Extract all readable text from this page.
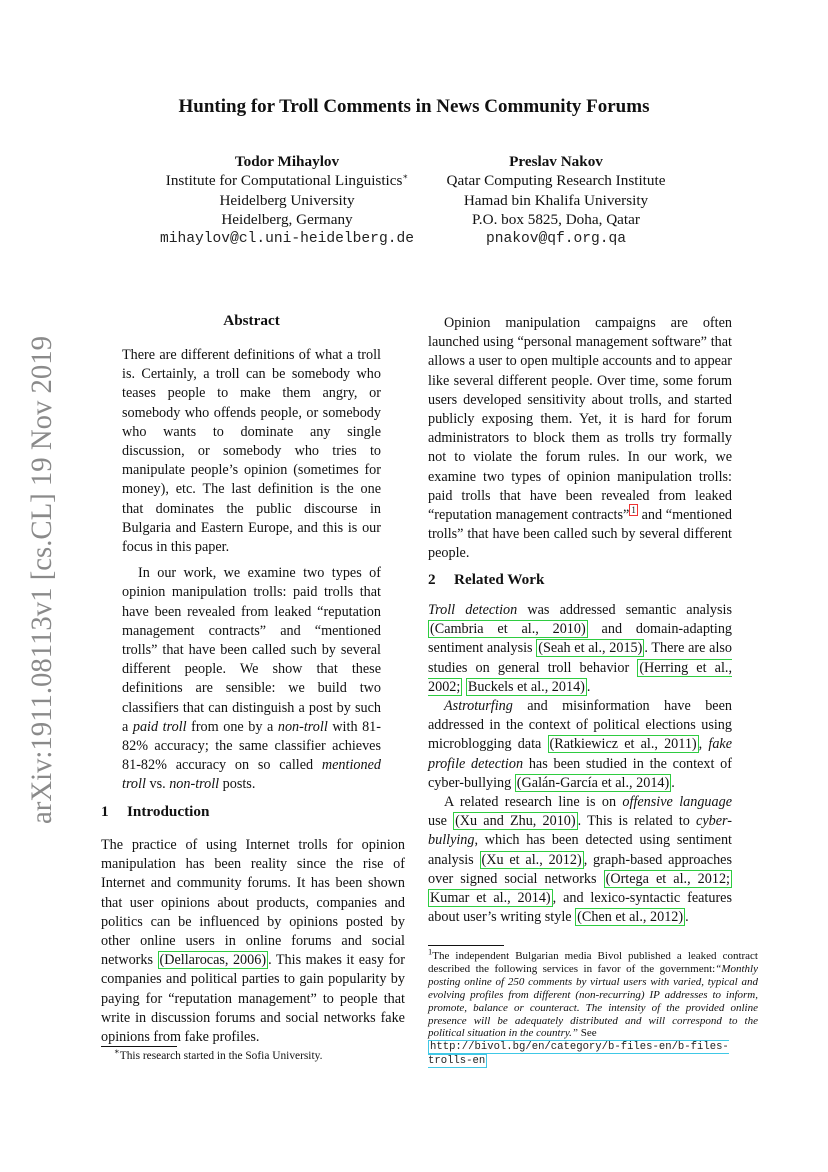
Hunting for Troll Comments in News Community Forums
arXiv:1911.08113v1 [cs.CL] 19 Nov 2019
Todor Mihaylov
Institute for Computational Linguistics∗
Heidelberg University
Heidelberg, Germany
mihaylov@cl.uni-heidelberg.de
Preslav Nakov
Qatar Computing Research Institute
Hamad bin Khalifa University
P.O. box 5825, Doha, Qatar
pnakov@qf.org.qa
Abstract

There are different definitions of what a troll is. Certainly, a troll can be somebody who teases people to make them angry, or somebody who offends people, or somebody who wants to dominate any single discussion, or somebody who tries to manipulate people’s opinion (sometimes for money), etc. The last definition is the one that dominates the public discourse in Bulgaria and Eastern Europe, and this is our focus in this paper.

In our work, we examine two types of opinion manipulation trolls: paid trolls that have been revealed from leaked “reputation management contracts” and “mentioned trolls” that have been called such by several different people. We show that these definitions are sensible: we build two classifiers that can distinguish a post by such a paid troll from one by a non-troll with 81-82% accuracy; the same classifier achieves 81-82% accuracy on so called mentioned troll vs. non-troll posts.

1 Introduction

The practice of using Internet trolls for opinion manipulation has been reality since the rise of Internet and community forums. It has been shown that user opinions about products, companies and politics can be influenced by opinions posted by other online users in online forums and social networks (Dellarocas, 2006) . This makes it easy for companies and political parties to gain popularity by paying for “reputation management” to people that write in discussion forums and social networks fake opinions from fake profiles.

∗This research started in the Sofia University.

Opinion manipulation campaigns are often launched using “personal management software” that allows a user to open multiple accounts and to appear like several different people. Over time, some forum users developed sensitivity about trolls, and started publicly exposing them. Yet, it is hard for forum administrators to block them as trolls try formally not to violate the forum rules. In our work, we examine two types of opinion manipulation trolls: paid trolls that have been revealed from leaked “reputation management contracts” $^1$ and “mentioned trolls” that have been called such by several different people.

2 Related Work

Troll detection was addressed semantic analysis (Cambria et al., 2010) and domain-adapting sentiment analysis (Seah et al., 2015) . There are also studies on general troll behavior (Herring et al., 2002; Buckels et al., 2014) .

Astroturfing and misinformation have been addressed in the context of political elections using microblogging data (Ratkiewicz et al., 2011) , fake profile detection has been studied in the context of cyber-bullying (Galán-García et al., 2014) .

A related research line is on offensive language use (Xu and Zhu, 2010) . This is related to cyber-bullying, which has been detected using sentiment analysis (Xu et al., 2012) , graph-based approaches over signed social networks (Ortega et al., 2012; Kumar et al., 2014) , and lexico-syntactic features about user’s writing style (Chen et al., 2012) .

$^1$The independent Bulgarian media Bivol published a leaked contract described the following services in favor of the government:“Monthly posting online of 250 comments by virtual users with varied, typical and evolving profiles from different (non-recurring) IP addresses to inform, promote, balance or counteract. The intensity of the provided online presence will be adequately distributed and will correspond to the political situation in the country.” See
http://bivol.bg/en/category/b-files-en/b-files-trolls-en
